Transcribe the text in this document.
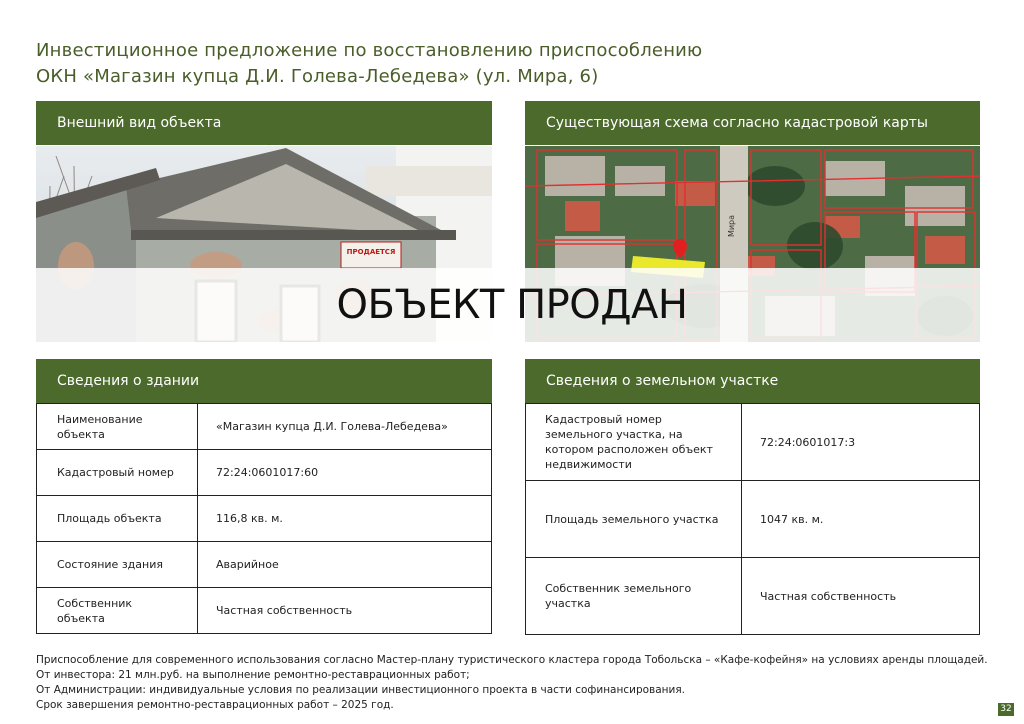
Инвестиционное предложение по восстановлению приспособлению
ОКН «Магазин купца Д.И. Голева-Лебедева» (ул. Мира, 6)
Внешний вид объекта
ПРОДАЕТСЯ
Существующая схема согласно кадастровой карты
Мира
ОБЪЕКТ ПРОДАН
Сведения о здании
Наименование объекта	«Магазин купца Д.И. Голева-Лебедева»
Кадастровый номер	72:24:0601017:60
Площадь объекта	116,8 кв. м.
Состояние здания	Аварийное
Собственник объекта	Частная собственность
Сведения о земельном участке
Кадастровый номер земельного участка, на котором расположен объект недвижимости	72:24:0601017:3
Площадь земельного участка	1047 кв. м.
Собственник земельного участка	Частная собственность
Приспособление для современного использования согласно Мастер-плану туристического кластера города Тобольска – «Кафе-кофейня» на условиях аренды площадей.
От инвестора: 21 млн.руб. на выполнение ремонтно-реставрационных работ;
От Администрации: индивидуальные условия по реализации инвестиционного проекта в части софинансирования.
Срок завершения ремонтно-реставрационных работ – 2025 год.	32
